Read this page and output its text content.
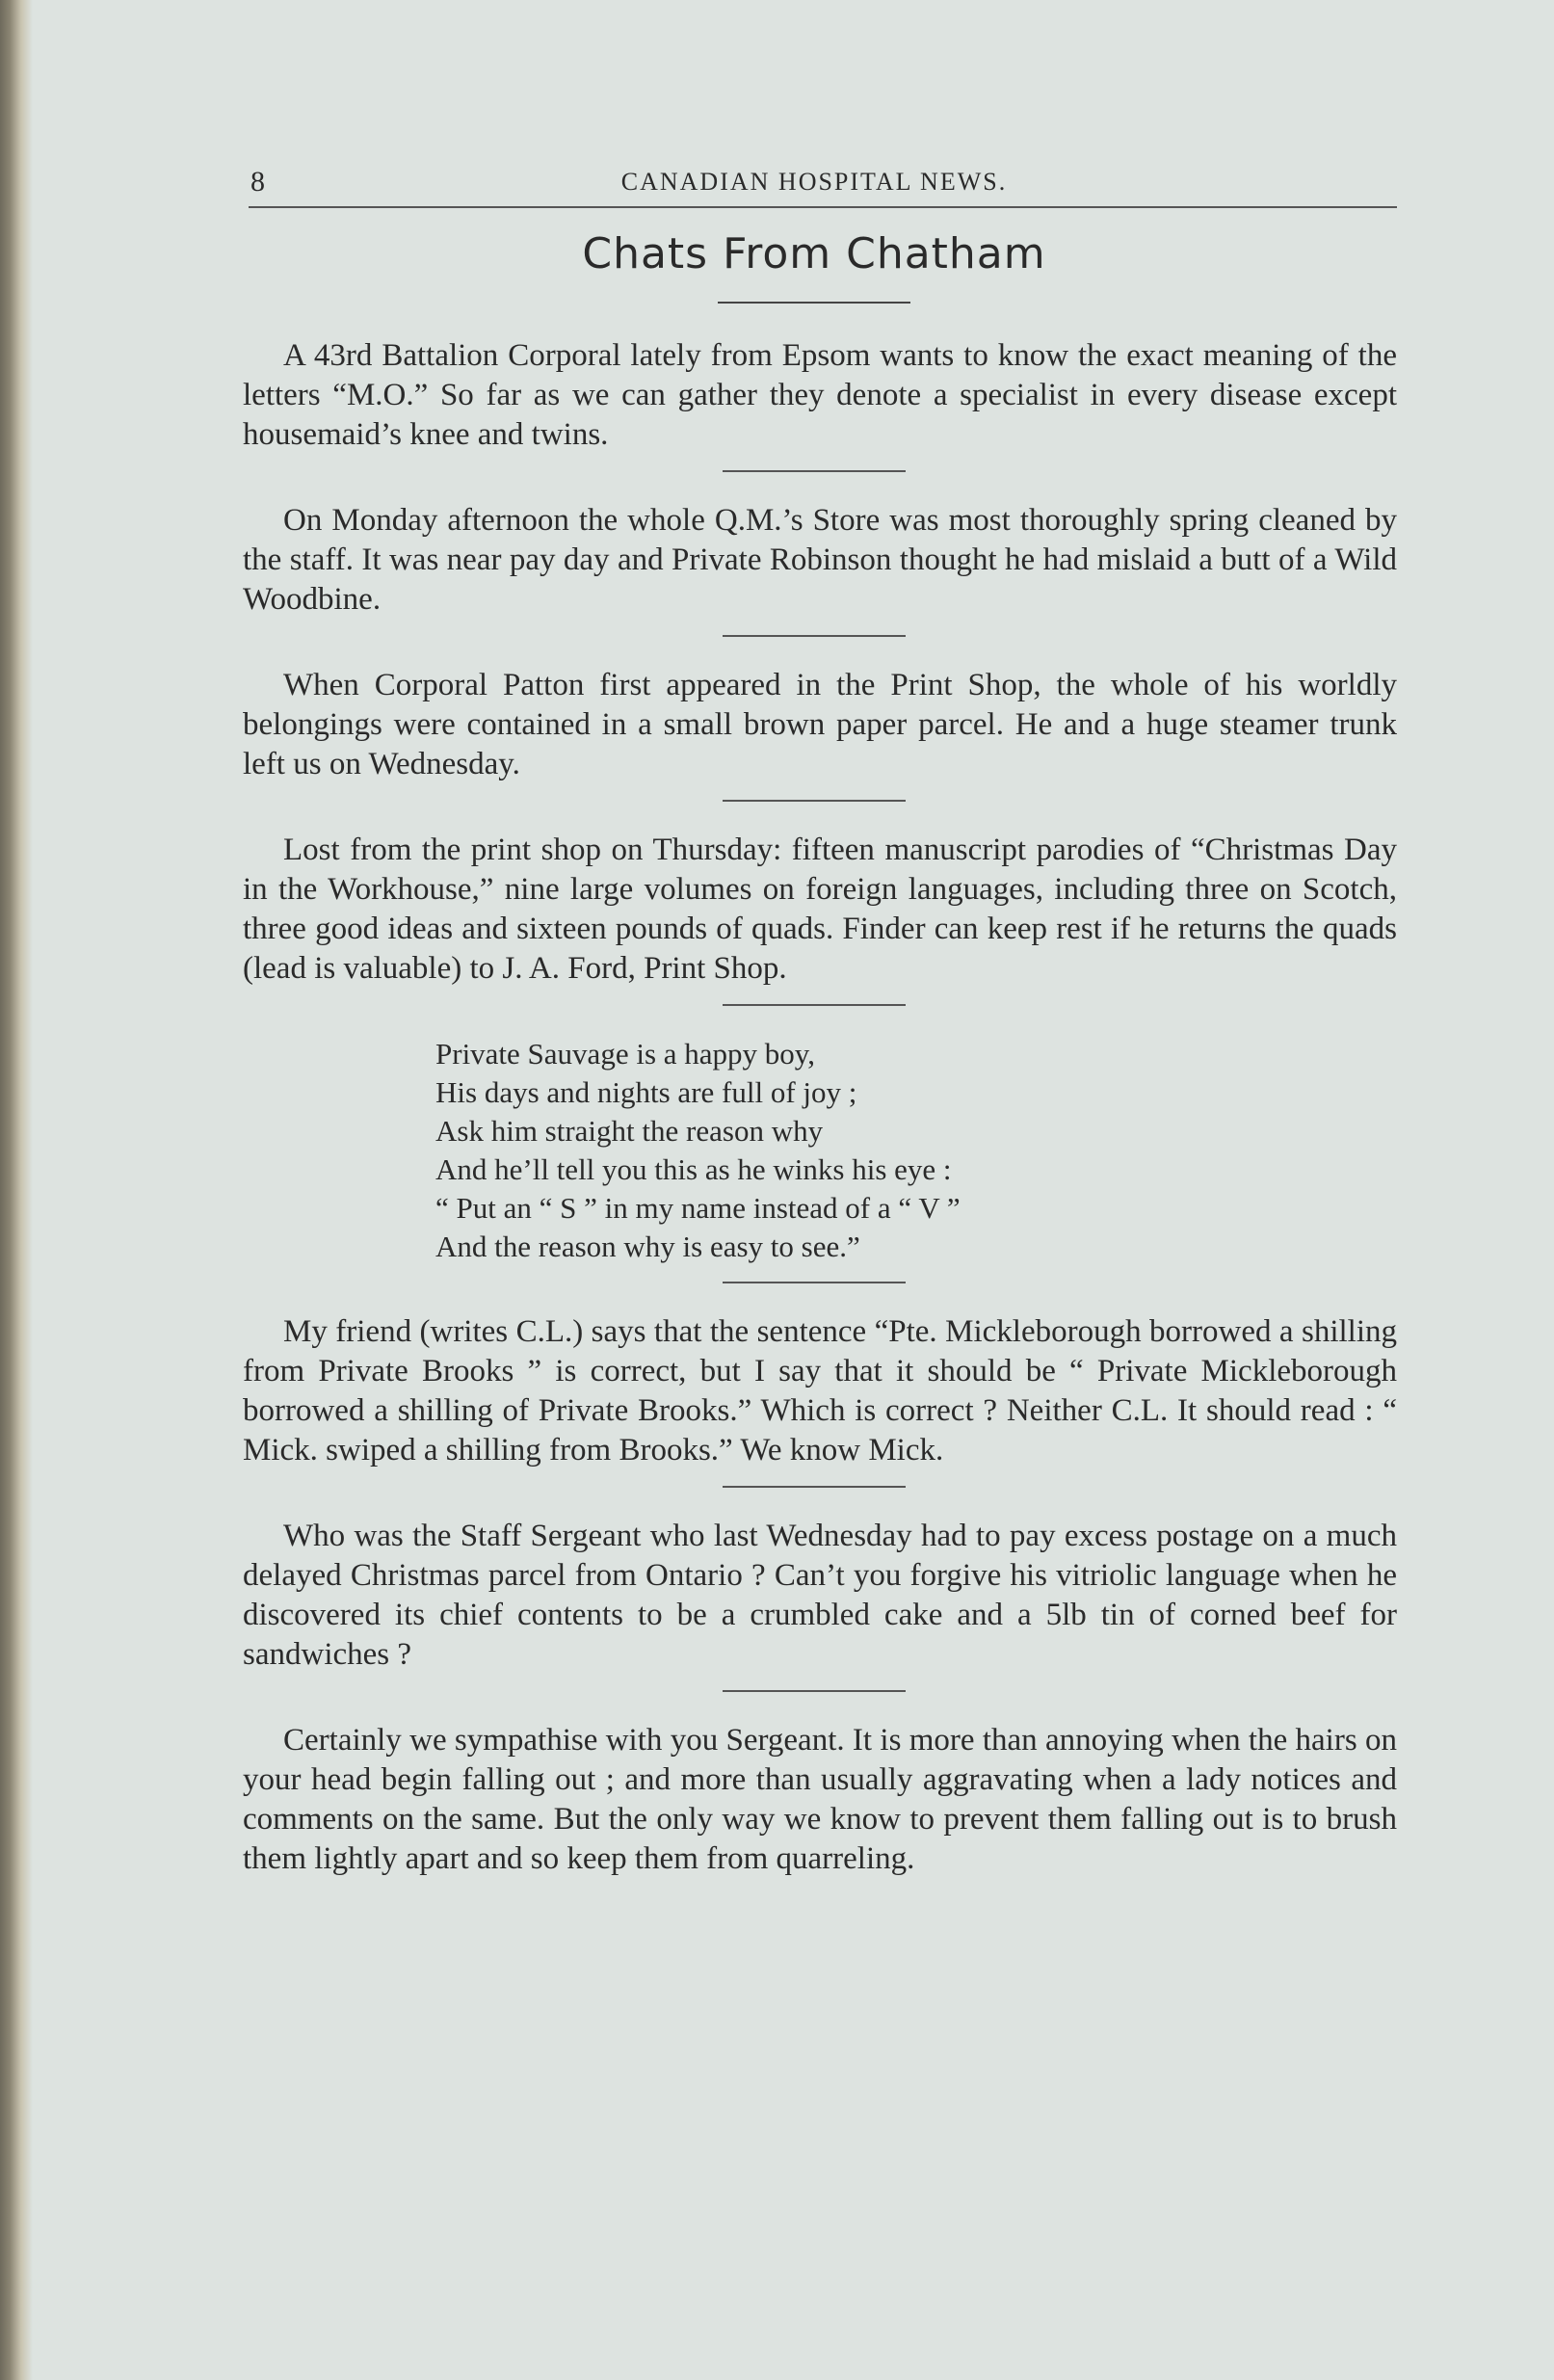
8	CANADIAN HOSPITAL NEWS.
Chats From Chatham

A 43rd Battalion Corporal lately from Epsom wants to know the exact meaning of the letters “M.O.” So far as we can gather they denote a specialist in every disease except housemaid’s knee and twins.

On Monday afternoon the whole Q.M.’s Store was most thoroughly spring cleaned by the staff. It was near pay day and Private Robinson thought he had mislaid a butt of a Wild Woodbine.

When Corporal Patton first appeared in the Print Shop, the whole of his worldly belongings were contained in a small brown paper parcel. He and a huge steamer trunk left us on Wednesday.

Lost from the print shop on Thursday: fifteen manuscript parodies of “Christmas Day in the Workhouse,” nine large volumes on foreign languages, including three on Scotch, three good ideas and sixteen pounds of quads. Finder can keep rest if he returns the quads (lead is valuable) to J. A. Ford, Print Shop.

Private Sauvage is a happy boy,
His days and nights are full of joy ;
Ask him straight the reason why
And he’ll tell you this as he winks his eye :
“ Put an “ S ” in my name instead of a “ V ”
And the reason why is easy to see.”

My friend (writes C.L.) says that the sentence “Pte. Mickleborough borrowed a shilling from Private Brooks ” is correct, but I say that it should be “ Private Mickleborough borrowed a shilling of Private Brooks.” Which is correct ? Neither C.L. It should read : “ Mick. swiped a shilling from Brooks.” We know Mick.

Who was the Staff Sergeant who last Wednesday had to pay excess postage on a much delayed Christmas parcel from Ontario ? Can’t you forgive his vitriolic language when he discovered its chief contents to be a crumbled cake and a 5lb tin of corned beef for sandwiches ?

Certainly we sympathise with you Sergeant. It is more than annoying when the hairs on your head begin falling out ; and more than usually aggravating when a lady notices and comments on the same. But the only way we know to prevent them falling out is to brush them lightly apart and so keep them from quarreling.
